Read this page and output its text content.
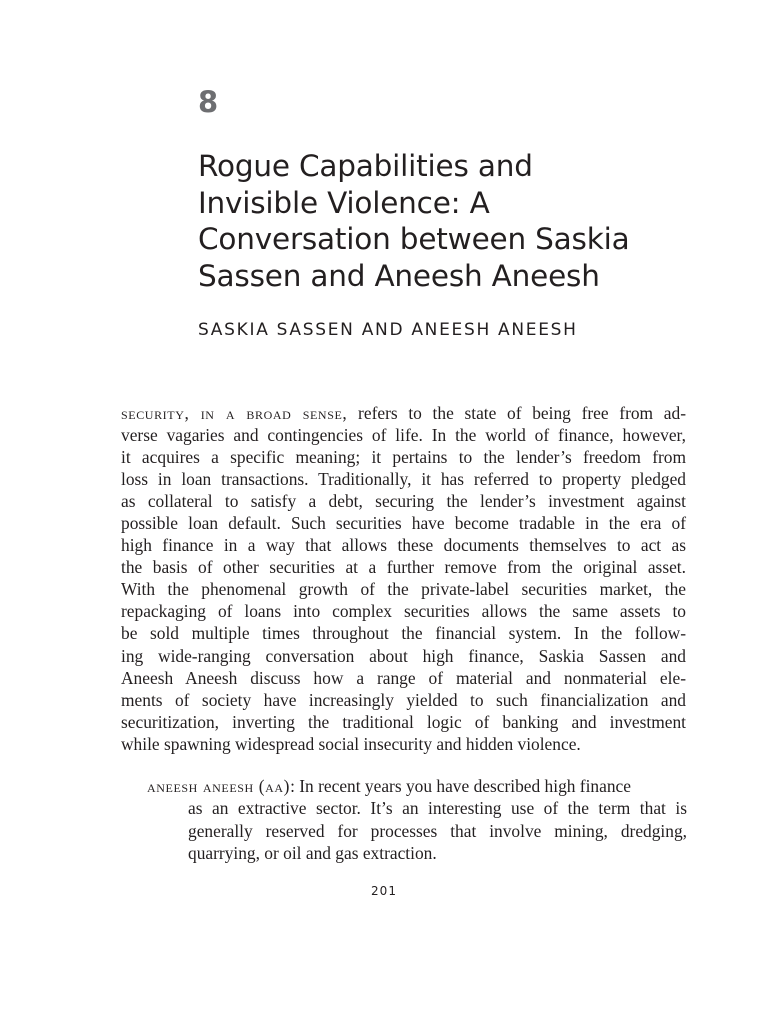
8
Rogue Capabilities and
Invisible Violence: A
Conversation between Saskia
Sassen and Aneesh Aneesh
SASKIA SASSEN AND ANEESH ANEESH
security, in a broad sense, refers to the state of being free from ad-
verse vagaries and contingencies of life. In the world of finance, however,
it acquires a specific meaning; it pertains to the lender’s freedom from
loss in loan transactions. Traditionally, it has referred to property pledged
as collateral to satisfy a debt, securing the lender’s investment against
possible loan default. Such securities have become tradable in the era of
high finance in a way that allows these documents themselves to act as
the basis of other securities at a further remove from the original asset.
With the phenomenal growth of the private-label securities market, the
repackaging of loans into complex securities allows the same assets to
be sold multiple times throughout the financial system. In the follow-
ing wide-ranging conversation about high finance, Saskia Sassen and
Aneesh Aneesh discuss how a range of material and nonmaterial ele-
ments of society have increasingly yielded to such financialization and
securitization, inverting the traditional logic of banking and investment
while spawning widespread social insecurity and hidden violence.
aneesh aneesh (aa): In recent years you have described high finance
as an extractive sector. It’s an interesting use of the term that is
generally reserved for processes that involve mining, dredging,
quarrying, or oil and gas extraction.
201
